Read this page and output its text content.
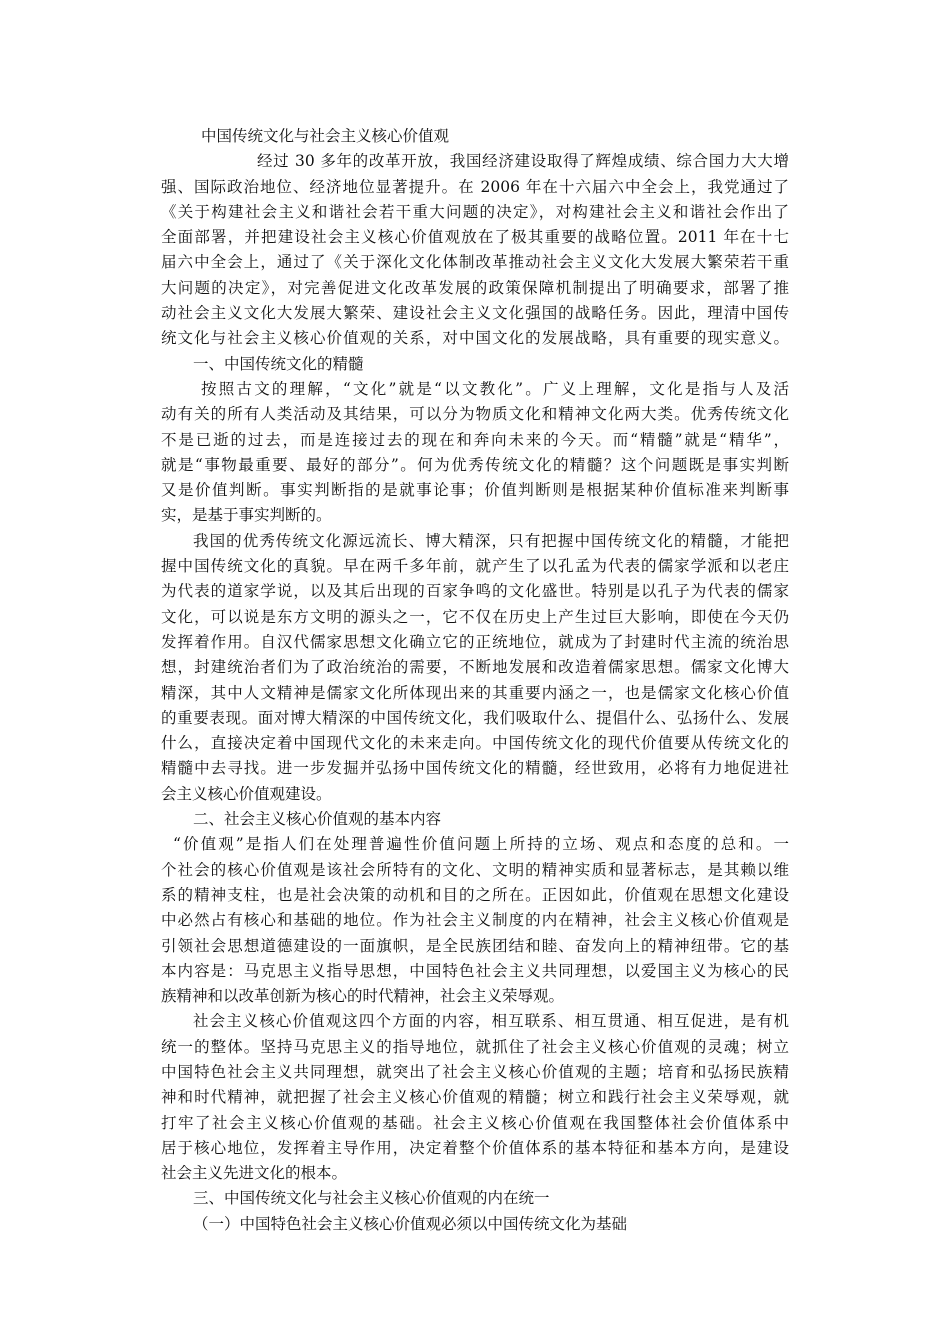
中国传统文化与社会主义核心价值观
经过 30 多年的改革开放，我国经济建设取得了辉煌成绩、综合国力大大增
强、国际政治地位、经济地位显著提升。在 2006 年在十六届六中全会上，我党通过了
《关于构建社会主义和谐社会若干重大问题的决定》，对构建社会主义和谐社会作出了
全面部署，并把建设社会主义核心价值观放在了极其重要的战略位置。2011 年在十七
届六中全会上，通过了《关于深化文化体制改革推动社会主义文化大发展大繁荣若干重
大问题的决定》，对完善促进文化改革发展的政策保障机制提出了明确要求，部署了推
动社会主义文化大发展大繁荣、建设社会主义文化强国的战略任务。因此，理清中国传
统文化与社会主义核心价值观的关系，对中国文化的发展战略，具有重要的现实意义。
一、中国传统文化的精髓
按照古文的理解，“文化”就是“以文教化”。广义上理解，文化是指与人及活
动有关的所有人类活动及其结果，可以分为物质文化和精神文化两大类。优秀传统文化
不是已逝的过去，而是连接过去的现在和奔向未来的今天。而“精髓”就是“精华”，
就是“事物最重要、最好的部分”。何为优秀传统文化的精髓？这个问题既是事实判断
又是价值判断。事实判断指的是就事论事；价值判断则是根据某种价值标准来判断事
实，是基于事实判断的。
我国的优秀传统文化源远流长、博大精深，只有把握中国传统文化的精髓，才能把
握中国传统文化的真貌。早在两千多年前，就产生了以孔孟为代表的儒家学派和以老庄
为代表的道家学说，以及其后出现的百家争鸣的文化盛世。特别是以孔子为代表的儒家
文化，可以说是东方文明的源头之一，它不仅在历史上产生过巨大影响，即使在今天仍
发挥着作用。自汉代儒家思想文化确立它的正统地位，就成为了封建时代主流的统治思
想，封建统治者们为了政治统治的需要，不断地发展和改造着儒家思想。儒家文化博大
精深，其中人文精神是儒家文化所体现出来的其重要内涵之一，也是儒家文化核心价值
的重要表现。面对博大精深的中国传统文化，我们吸取什么、提倡什么、弘扬什么、发展
什么，直接决定着中国现代文化的未来走向。中国传统文化的现代价值要从传统文化的
精髓中去寻找。进一步发掘并弘扬中国传统文化的精髓，经世致用，必将有力地促进社
会主义核心价值观建设。
二、社会主义核心价值观的基本内容
“价值观”是指人们在处理普遍性价值问题上所持的立场、观点和态度的总和。一
个社会的核心价值观是该社会所特有的文化、文明的精神实质和显著标志，是其赖以维
系的精神支柱，也是社会决策的动机和目的之所在。正因如此，价值观在思想文化建设
中必然占有核心和基础的地位。作为社会主义制度的内在精神，社会主义核心价值观是
引领社会思想道德建设的一面旗帜，是全民族团结和睦、奋发向上的精神纽带。它的基
本内容是：马克思主义指导思想，中国特色社会主义共同理想，以爱国主义为核心的民
族精神和以改革创新为核心的时代精神，社会主义荣辱观。
社会主义核心价值观这四个方面的内容，相互联系、相互贯通、相互促进，是有机
统一的整体。坚持马克思主义的指导地位，就抓住了社会主义核心价值观的灵魂；树立
中国特色社会主义共同理想，就突出了社会主义核心价值观的主题；培育和弘扬民族精
神和时代精神，就把握了社会主义核心价值观的精髓；树立和践行社会主义荣辱观，就
打牢了社会主义核心价值观的基础。社会主义核心价值观在我国整体社会价值体系中
居于核心地位，发挥着主导作用，决定着整个价值体系的基本特征和基本方向，是建设
社会主义先进文化的根本。
三、中国传统文化与社会主义核心价值观的内在统一
（一）中国特色社会主义核心价值观必须以中国传统文化为基础
